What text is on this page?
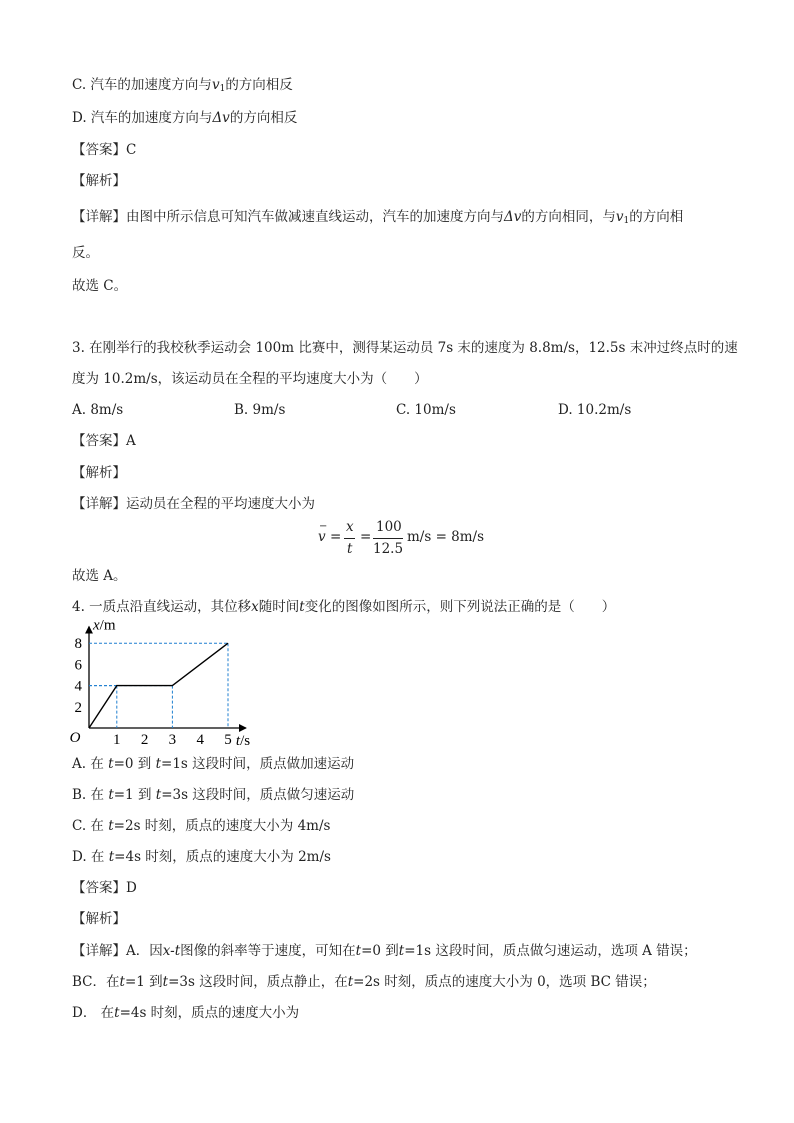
C. 汽车的加速度方向与$v_1$的方向相反
D. 汽车的加速度方向与Δv的方向相反
【答案】C
【解析】
【详解】由图中所示信息可知汽车做减速直线运动，汽车的加速度方向与Δv的方向相同，与$v_1$的方向相
反。
故选 C。
3. 在刚举行的我校秋季运动会 100m 比赛中，测得某运动员 7s 末的速度为 8.8m/s，12.5s 末冲过终点时的速
度为 10.2m/s，该运动员在全程的平均速度大小为（　　）
A. 8m/s	B. 9m/s	C. 10m/s	D. 10.2m/s
【答案】A
【解析】
【详解】运动员在全程的平均速度大小为
v
−
=
x
t
=
100
12.5
m/s = 8m/s
故选 A。
4. 一质点沿直线运动，其位移x随时间t变化的图像如图所示，则下列说法正确的是（　　）
1 2 3 4 5
2
4
6
8
O	t/s
x/m
A. 在 t=0 到 t=1s 这段时间，质点做加速运动
B. 在 t=1 到 t=3s 这段时间，质点做匀速运动
C. 在 t=2s 时刻，质点的速度大小为 4m/s
D. 在 t=4s 时刻，质点的速度大小为 2m/s
【答案】D
【解析】
【详解】A．因x-t图像的斜率等于速度，可知在t=0 到t=1s 这段时间，质点做匀速运动，选项 A 错误；
BC．在t=1 到t=3s 这段时间，质点静止，在t=2s 时刻，质点的速度大小为 0，选项 BC 错误；
D． 在t=4s 时刻，质点的速度大小为
